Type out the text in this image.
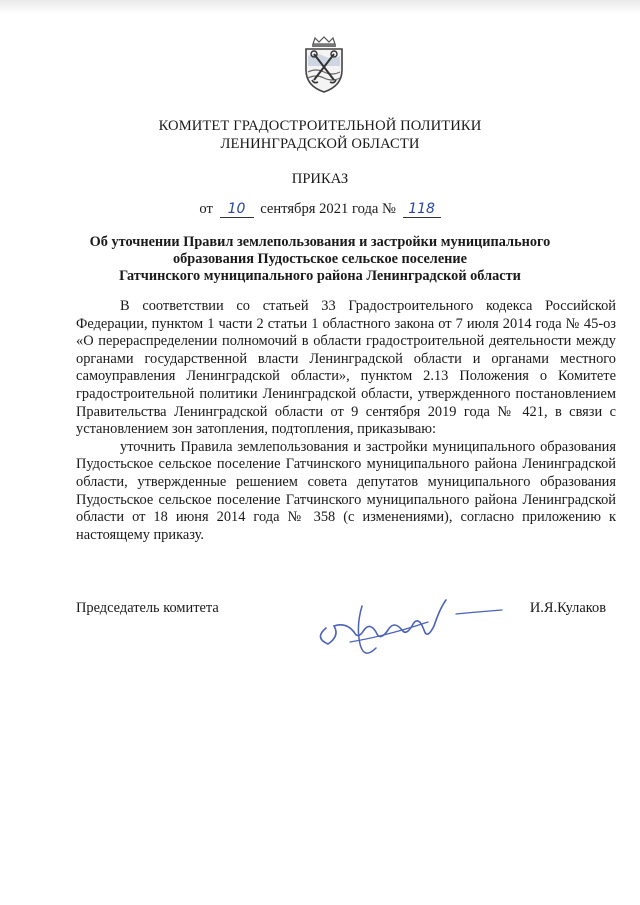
КОМИТЕТ ГРАДОСТРОИТЕЛЬНОЙ ПОЛИТИКИ
ЛЕНИНГРАДСКОЙ ОБЛАСТИ
ПРИКАЗ
от 10 сентября 2021 года № 118
Об уточнении Правил землепользования и застройки муниципального
образования Пудостьское сельское поселение
Гатчинского муниципального района Ленинградской области

В соответствии со статьей 33 Градостроительного кодекса Российской Федерации, пунктом 1 части 2 статьи 1 областного закона от 7 июля 2014 года № 45-оз «О перераспределении полномочий в области градостроительной деятельности между органами государственной власти Ленинградской области и органами местного самоуправления Ленинградской области», пунктом 2.13 Положения о Комитете градостроительной политики Ленинградской области, утвержденного постановлением Правительства Ленинградской области от 9 сентября 2019 года № 421, в связи с установлением зон затопления, подтопления, приказываю:

уточнить Правила землепользования и застройки муниципального образования Пудостьское сельское поселение Гатчинского муниципального района Ленинградской области, утвержденные решением совета депутатов муниципального образования Пудостьское сельское поселение Гатчинского муниципального района Ленинградской области от 18 июня 2014 года № 358 (с изменениями), согласно приложению к настоящему приказу.

Председатель комитета	И.Я.Кулаков
